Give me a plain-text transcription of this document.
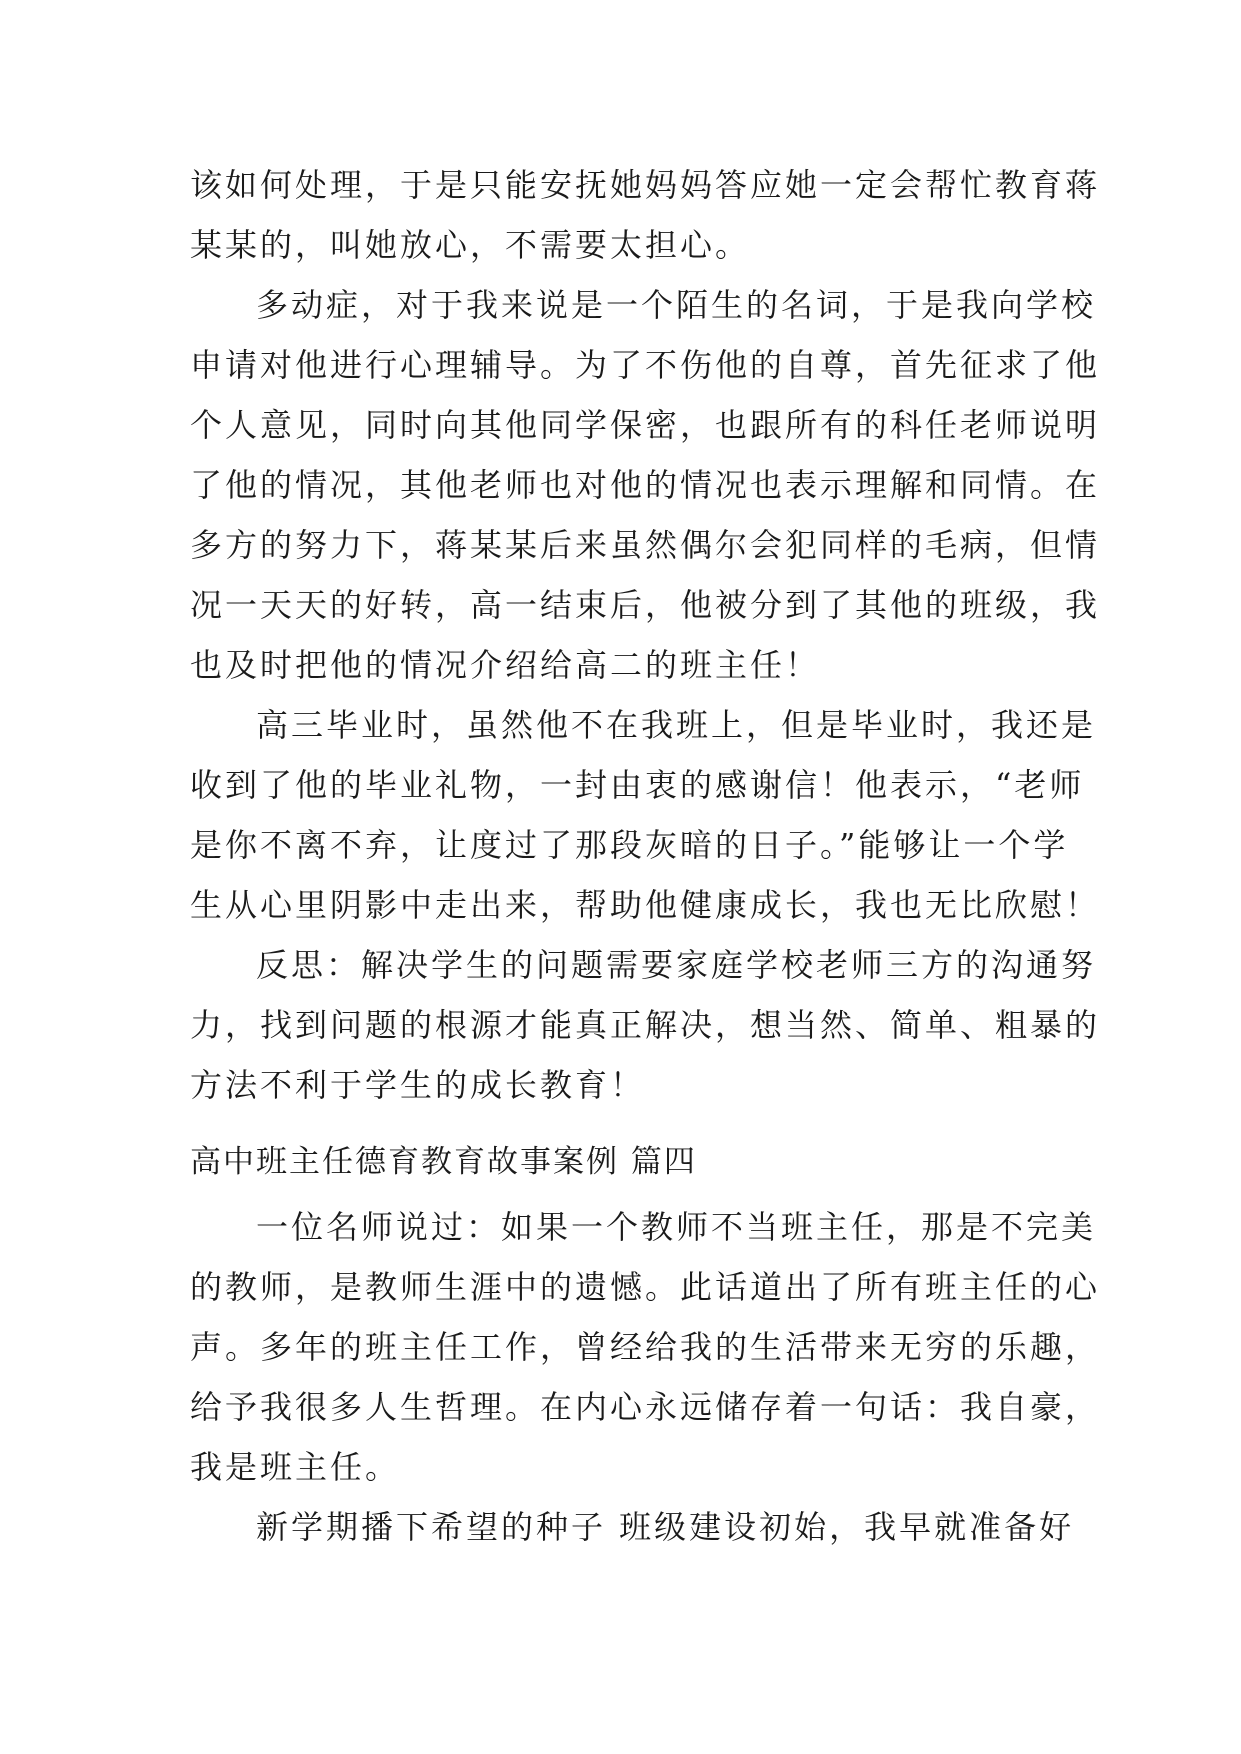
该如何处理，于是只能安抚她妈妈答应她一定会帮忙教育蒋
某某的，叫她放心，不需要太担心。
多动症，对于我来说是一个陌生的名词，于是我向学校
申请对他进行心理辅导。为了不伤他的自尊，首先征求了他
个人意见，同时向其他同学保密，也跟所有的科任老师说明
了他的情况，其他老师也对他的情况也表示理解和同情。在
多方的努力下，蒋某某后来虽然偶尔会犯同样的毛病，但情
况一天天的好转，高一结束后，他被分到了其他的班级，我
也及时把他的情况介绍给高二的班主任！
高三毕业时，虽然他不在我班上，但是毕业时，我还是
收到了他的毕业礼物，一封由衷的感谢信！他表示，“老师
是你不离不弃，让度过了那段灰暗的日子。”能够让一个学
生从心里阴影中走出来，帮助他健康成长，我也无比欣慰！
反思：解决学生的问题需要家庭学校老师三方的沟通努
力，找到问题的根源才能真正解决，想当然、简单、粗暴的
方法不利于学生的成长教育！
高中班主任德育教育故事案例 篇四
一位名师说过：如果一个教师不当班主任，那是不完美
的教师，是教师生涯中的遗憾。此话道出了所有班主任的心
声。多年的班主任工作，曾经给我的生活带来无穷的乐趣，
给予我很多人生哲理。在内心永远储存着一句话：我自豪，
我是班主任。
新学期播下希望的种子 班级建设初始，我早就准备好
